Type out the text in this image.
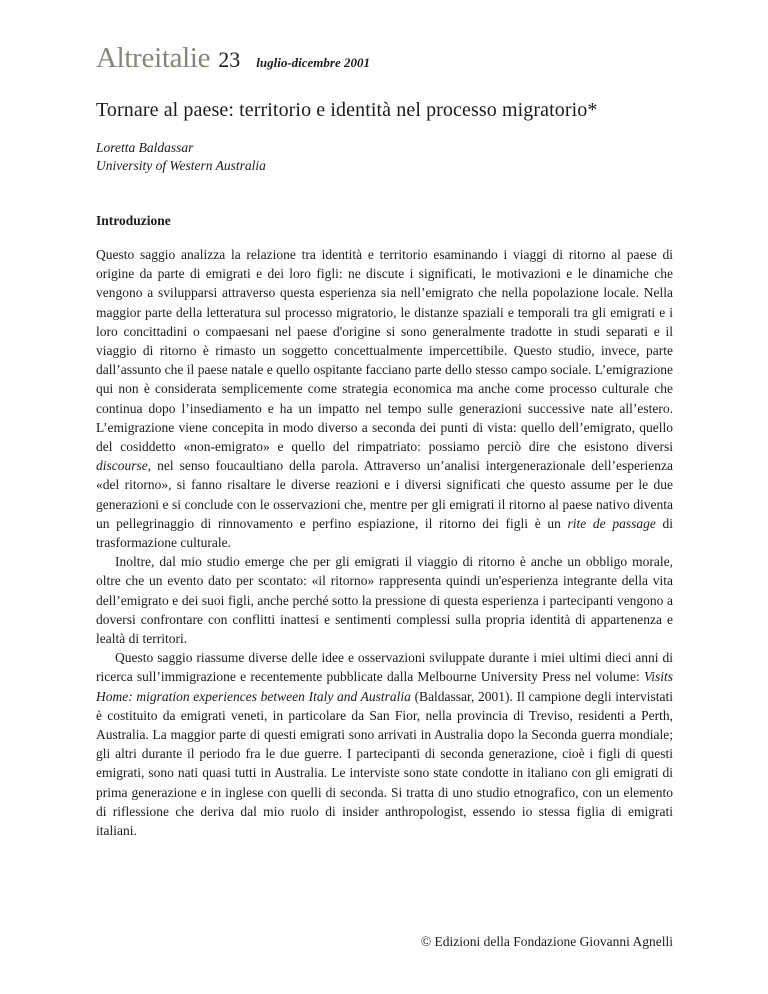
Altreitalie 23 luglio-dicembre 2001
Tornare al paese: territorio e identità nel processo migratorio*
Loretta Baldassar
University of Western Australia
Introduzione

Questo saggio analizza la relazione tra identità e territorio esaminando i viaggi di ritorno al paese di origine da parte di emigrati e dei loro figli: ne discute i significati, le motivazioni e le dinamiche che vengono a svilupparsi attraverso questa esperienza sia nell’emigrato che nella popolazione locale. Nella maggior parte della letteratura sul processo migratorio, le distanze spaziali e temporali tra gli emigrati e i loro concittadini o compaesani nel paese d'origine si sono generalmente tradotte in studi separati e il viaggio di ritorno è rimasto un soggetto concettualmente impercettibile. Questo studio, invece, parte dall’assunto che il paese natale e quello ospitante facciano parte dello stesso campo sociale. L’emigrazione qui non è considerata semplicemente come strategia economica ma anche come processo culturale che continua dopo l’insediamento e ha un impatto nel tempo sulle generazioni successive nate all’estero. L’emigrazione viene concepita in modo diverso a seconda dei punti di vista: quello dell’emigrato, quello del cosiddetto «non-emigrato» e quello del rimpatriato: possiamo perciò dire che esistono diversi discourse, nel senso foucaultiano della parola. Attraverso un’analisi intergenerazionale dell’esperienza «del ritorno», si fanno risaltare le diverse reazioni e i diversi significati che questo assume per le due generazioni e si conclude con le osservazioni che, mentre per gli emigrati il ritorno al paese nativo diventa un pellegrinaggio di rinnovamento e perfino espiazione, il ritorno dei figli è un rite de passage di trasformazione culturale.

Inoltre, dal mio studio emerge che per gli emigrati il viaggio di ritorno è anche un obbligo morale, oltre che un evento dato per scontato: «il ritorno» rappresenta quindi un'esperienza integrante della vita dell’emigrato e dei suoi figli, anche perché sotto la pressione di questa esperienza i partecipanti vengono a doversi confrontare con conflitti inattesi e sentimenti complessi sulla propria identità di appartenenza e lealtà di territori.

Questo saggio riassume diverse delle idee e osservazioni sviluppate durante i miei ultimi dieci anni di ricerca sull’immigrazione e recentemente pubblicate dalla Melbourne University Press nel volume: Visits Home: migration experiences between Italy and Australia (Baldassar, 2001). Il campione degli intervistati è costituito da emigrati veneti, in particolare da San Fior, nella provincia di Treviso, residenti a Perth, Australia. La maggior parte di questi emigrati sono arrivati in Australia dopo la Seconda guerra mondiale; gli altri durante il periodo fra le due guerre. I partecipanti di seconda generazione, cioè i figli di questi emigrati, sono nati quasi tutti in Australia. Le interviste sono state condotte in italiano con gli emigrati di prima generazione e in inglese con quelli di seconda. Si tratta di uno studio etnografico, con un elemento di riflessione che deriva dal mio ruolo di insider anthropologist, essendo io stessa figlia di emigrati italiani.

© Edizioni della Fondazione Giovanni Agnelli
